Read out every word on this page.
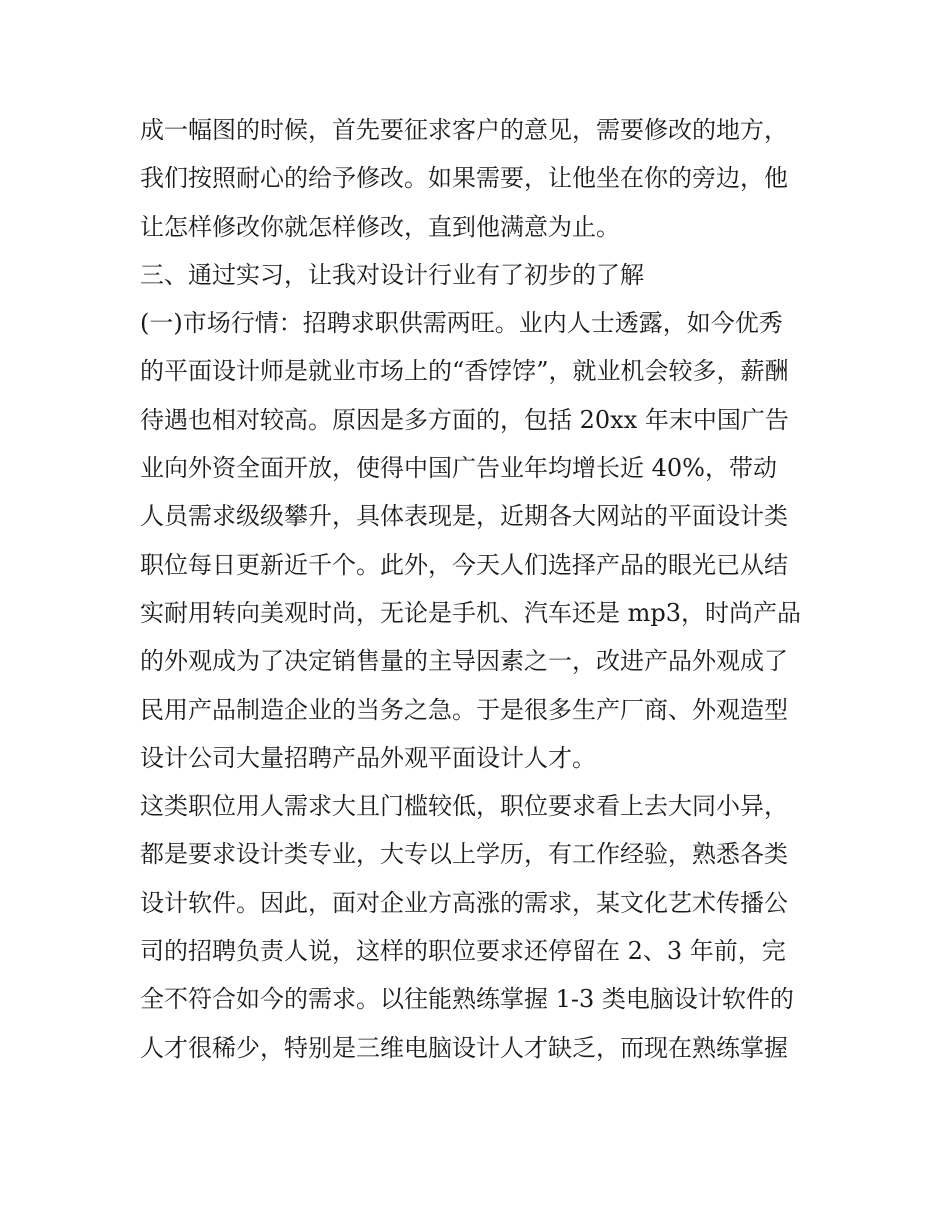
成一幅图的时候，首先要征求客户的意见，需要修改的地方，
我们按照耐心的给予修改。如果需要，让他坐在你的旁边，他
让怎样修改你就怎样修改，直到他满意为止。
三、通过实习，让我对设计行业有了初步的了解
(一)市场行情：招聘求职供需两旺。业内人士透露，如今优秀
的平面设计师是就业市场上的“香饽饽”，就业机会较多，薪酬
待遇也相对较高。原因是多方面的，包括 20xx 年末中国广告
业向外资全面开放，使得中国广告业年均增长近 40%，带动
人员需求级级攀升，具体表现是，近期各大网站的平面设计类
职位每日更新近千个。此外，今天人们选择产品的眼光已从结
实耐用转向美观时尚，无论是手机、汽车还是 mp3，时尚产品
的外观成为了决定销售量的主导因素之一，改进产品外观成了
民用产品制造企业的当务之急。于是很多生产厂商、外观造型
设计公司大量招聘产品外观平面设计人才。
这类职位用人需求大且门槛较低，职位要求看上去大同小异，
都是要求设计类专业，大专以上学历，有工作经验，熟悉各类
设计软件。因此，面对企业方高涨的需求，某文化艺术传播公
司的招聘负责人说，这样的职位要求还停留在 2、3 年前，完
全不符合如今的需求。以往能熟练掌握 1-3 类电脑设计软件的
人才很稀少，特别是三维电脑设计人才缺乏，而现在熟练掌握
